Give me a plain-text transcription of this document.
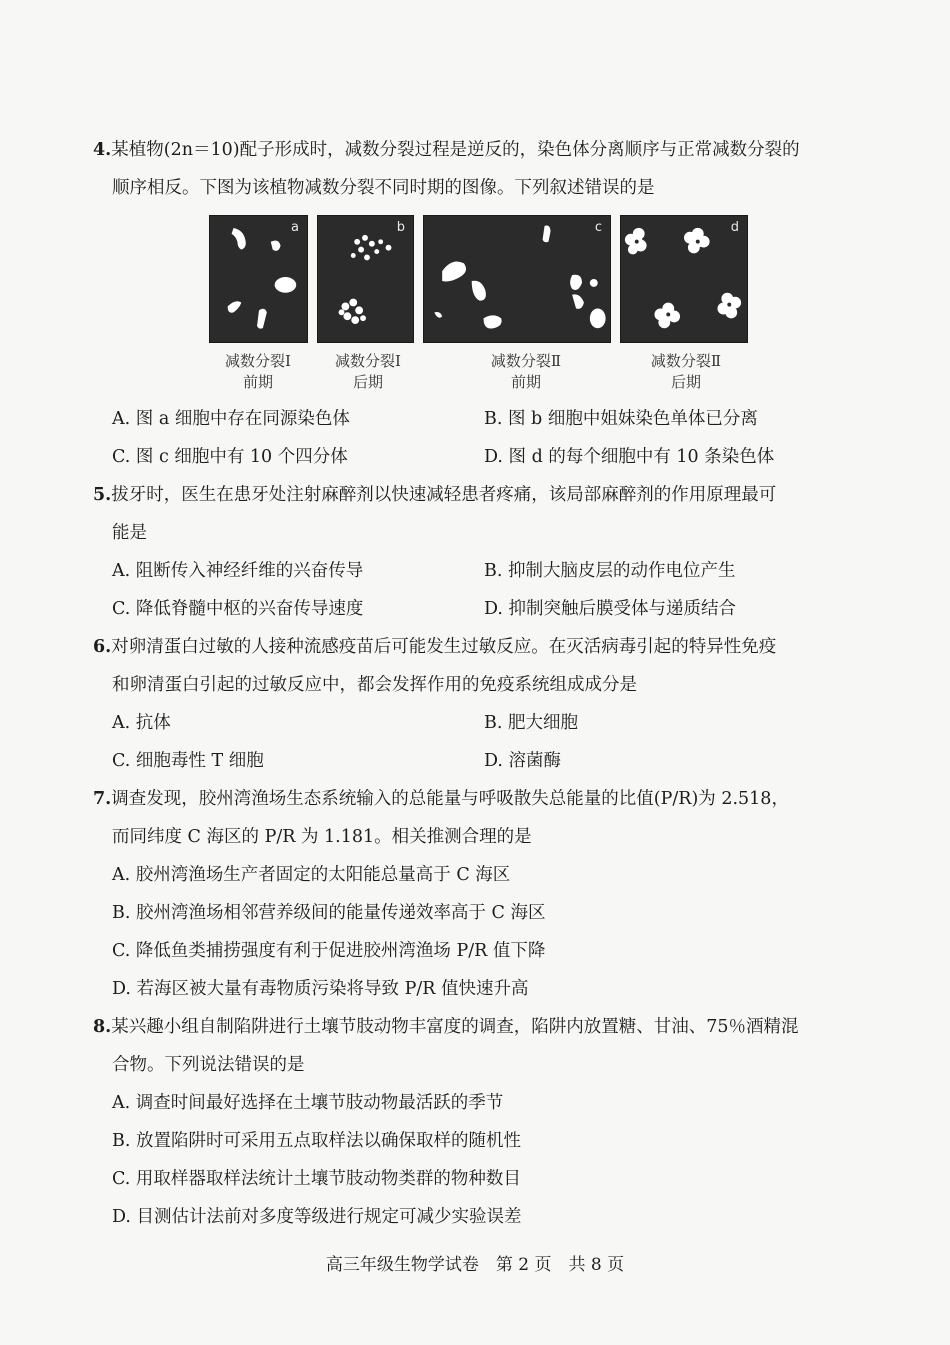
4.某植物(2n＝10)配子形成时，减数分裂过程是逆反的，染色体分离顺序与正常减数分裂的
顺序相反。下图为该植物减数分裂不同时期的图像。下列叙述错误的是
a	b	c	d
减数分裂Ⅰ
前期
减数分裂Ⅰ
后期
减数分裂Ⅱ
前期
减数分裂Ⅱ
后期
A. 图 a 细胞中存在同源染色体	B. 图 b 细胞中姐妹染色单体已分离
C. 图 c 细胞中有 10 个四分体	D. 图 d 的每个细胞中有 10 条染色体
5.拔牙时，医生在患牙处注射麻醉剂以快速减轻患者疼痛，该局部麻醉剂的作用原理最可
能是
A. 阻断传入神经纤维的兴奋传导	B. 抑制大脑皮层的动作电位产生
C. 降低脊髓中枢的兴奋传导速度	D. 抑制突触后膜受体与递质结合
6.对卵清蛋白过敏的人接种流感疫苗后可能发生过敏反应。在灭活病毒引起的特异性免疫
和卵清蛋白引起的过敏反应中，都会发挥作用的免疫系统组成成分是
A. 抗体	B. 肥大细胞
C. 细胞毒性 T 细胞	D. 溶菌酶
7.调查发现，胶州湾渔场生态系统输入的总能量与呼吸散失总能量的比值(P/R)为 2.518，
而同纬度 C 海区的 P/R 为 1.181。相关推测合理的是
A. 胶州湾渔场生产者固定的太阳能总量高于 C 海区
B. 胶州湾渔场相邻营养级间的能量传递效率高于 C 海区
C. 降低鱼类捕捞强度有利于促进胶州湾渔场 P/R 值下降
D. 若海区被大量有毒物质污染将导致 P/R 值快速升高
8.某兴趣小组自制陷阱进行土壤节肢动物丰富度的调查，陷阱内放置糖、甘油、75％酒精混
合物。下列说法错误的是
A. 调查时间最好选择在土壤节肢动物最活跃的季节
B. 放置陷阱时可采用五点取样法以确保取样的随机性
C. 用取样器取样法统计土壤节肢动物类群的物种数目
D. 目测估计法前对多度等级进行规定可减少实验误差
高三年级生物学试卷　第 2 页　共 8 页
